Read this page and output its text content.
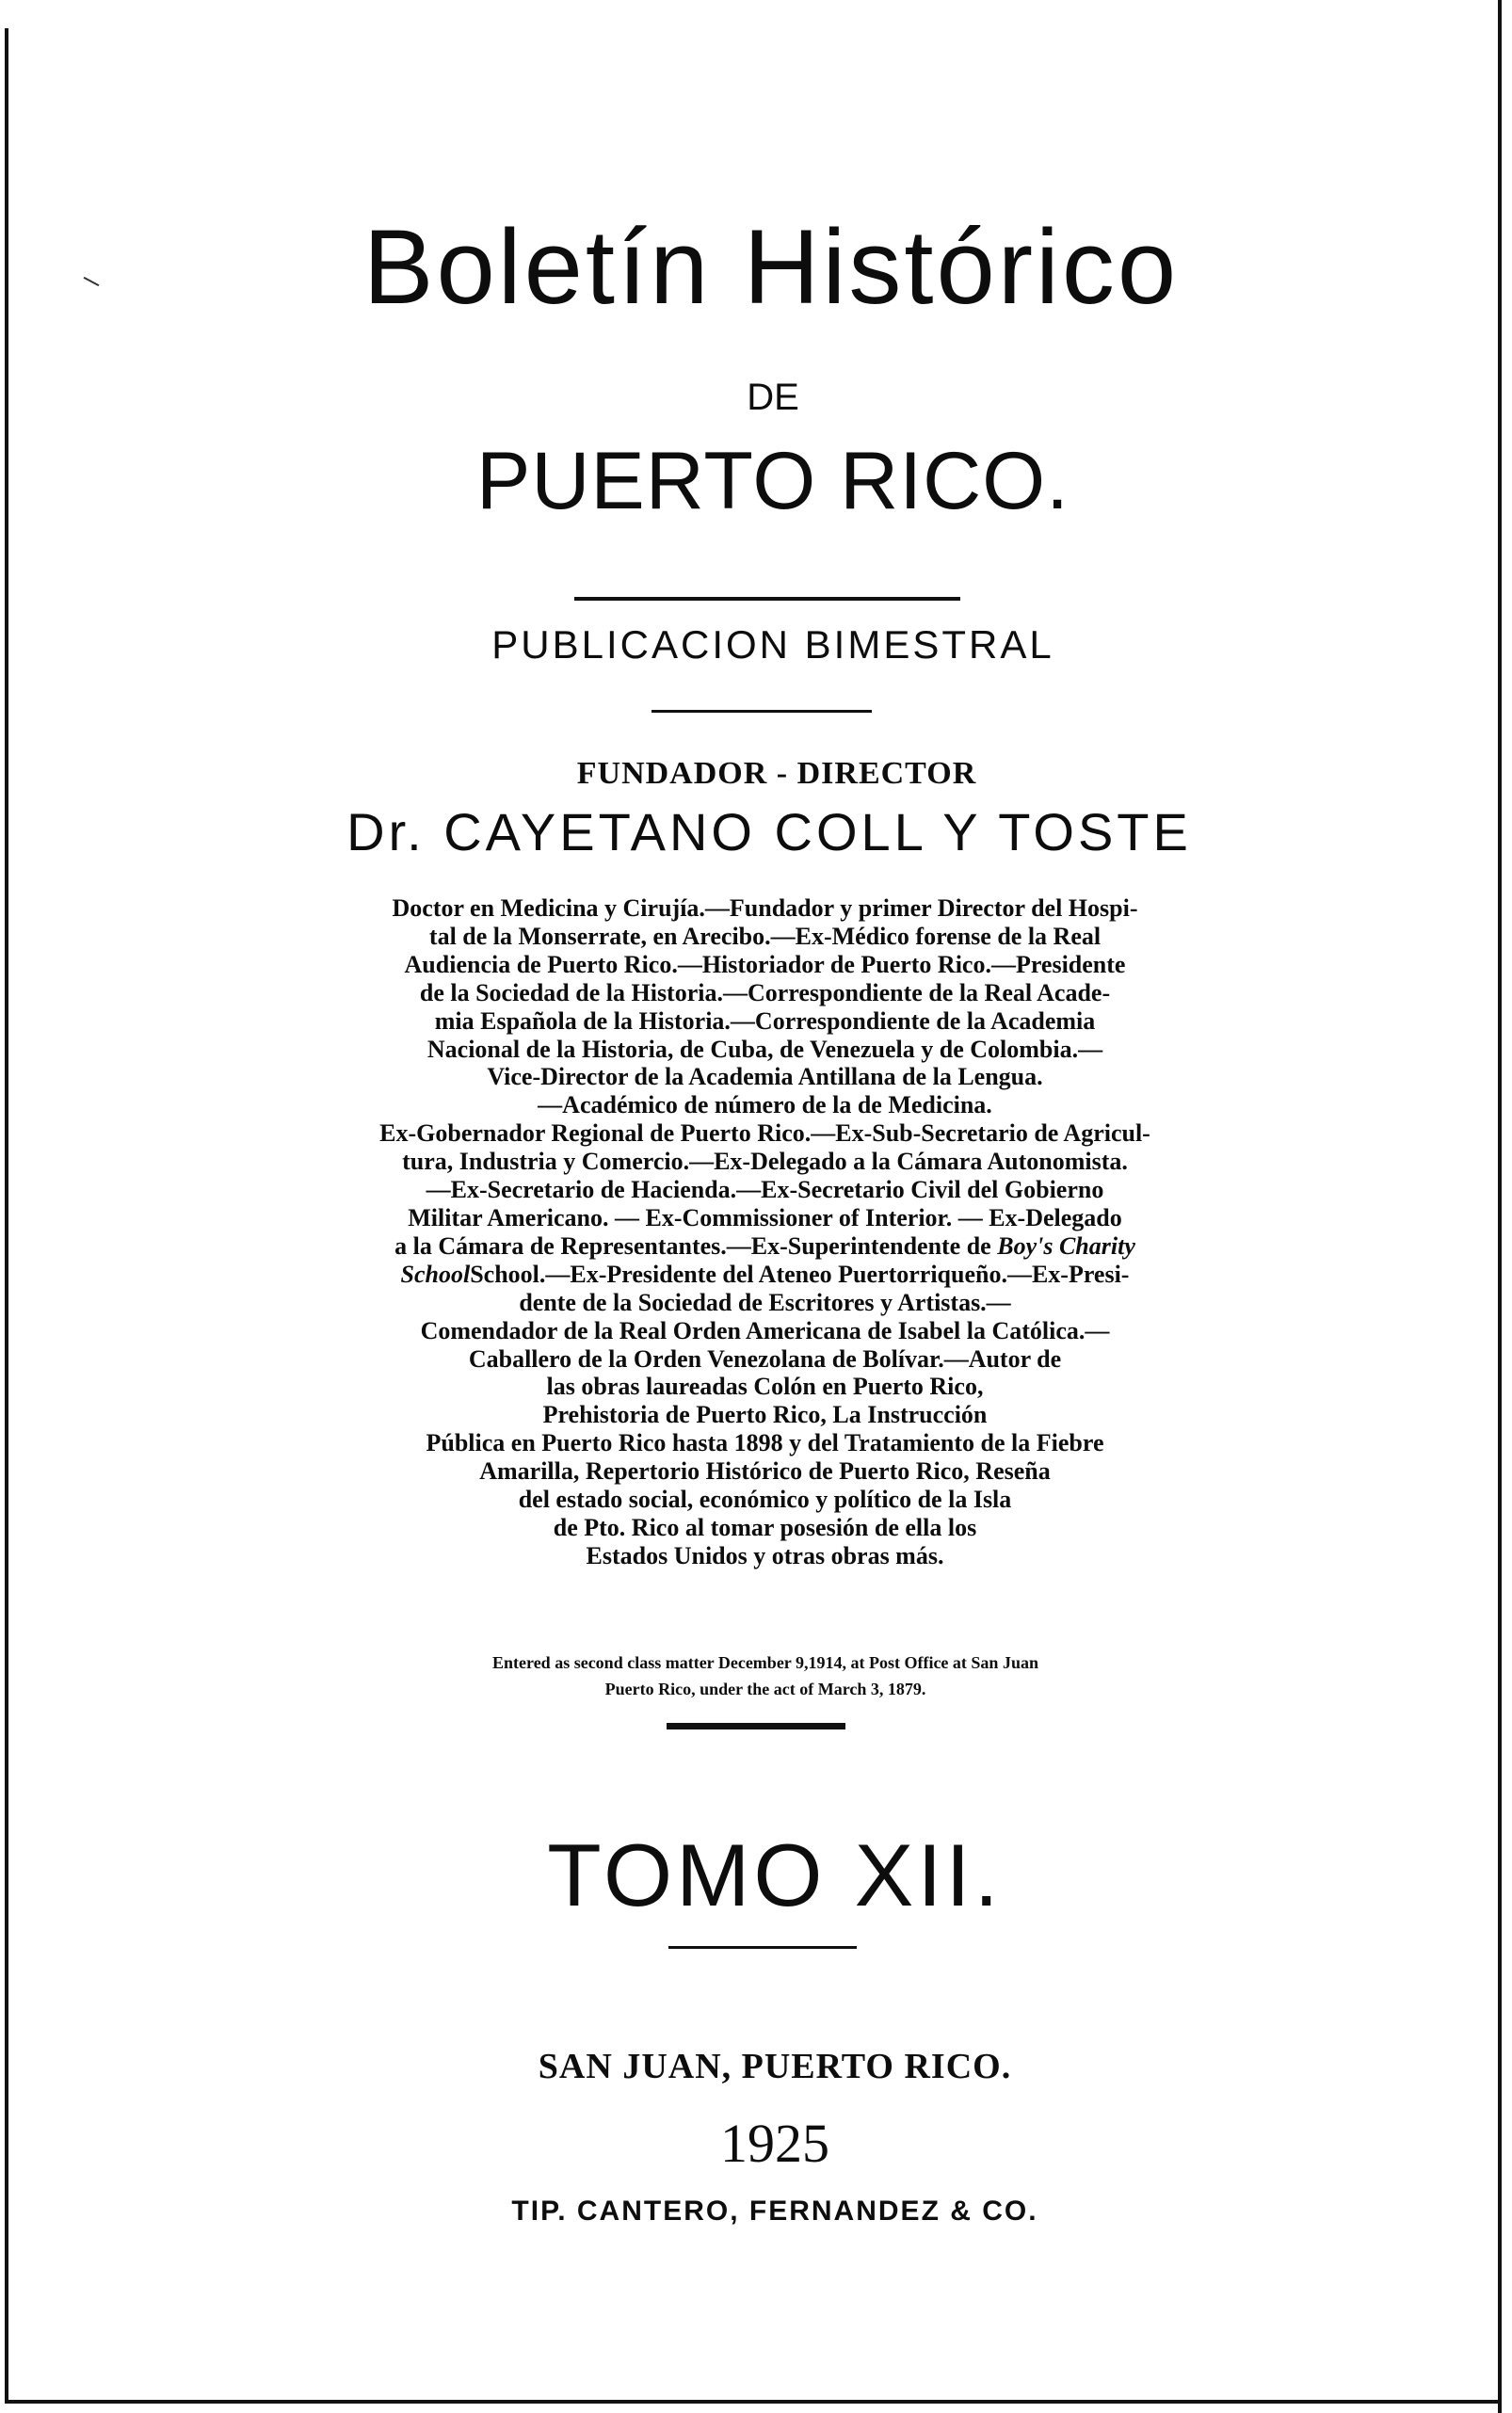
Boletín Histórico
DE
PUERTO RICO.
PUBLICACION BIMESTRAL
FUNDADOR - DIRECTOR
Dr. CAYETANO COLL Y TOSTE
Doctor en Medicina y Cirujía.—Fundador y primer Director del Hospi-
tal de la Monserrate, en Arecibo.—Ex-Médico forense de la Real
Audiencia de Puerto Rico.—Historiador de Puerto Rico.—Presidente
de la Sociedad de la Historia.—Correspondiente de la Real Acade-
mia Española de la Historia.—Correspondiente de la Academia
Nacional de la Historia, de Cuba, de Venezuela y de Colombia.—
Vice-Director de la Academia Antillana de la Lengua.
—Académico de número de la de Medicina.
Ex-Gobernador Regional de Puerto Rico.—Ex-Sub-Secretario de Agricul-
tura, Industria y Comercio.—Ex-Delegado a la Cámara Autonomista.
—Ex-Secretario de Hacienda.—Ex-Secretario Civil del Gobierno
Militar Americano. — Ex-Commissioner of Interior. — Ex-Delegado
a la Cámara de Representantes.—Ex-Superintendente de Boy's Charity
SchoolSchool.—Ex-Presidente del Ateneo Puertorriqueño.—Ex-Presi-
dente de la Sociedad de Escritores y Artistas.—
Comendador de la Real Orden Americana de Isabel la Católica.—
Caballero de la Orden Venezolana de Bolívar.—Autor de
las obras laureadas Colón en Puerto Rico,
Prehistoria de Puerto Rico, La Instrucción
Pública en Puerto Rico hasta 1898 y del Tratamiento de la Fiebre
Amarilla, Repertorio Histórico de Puerto Rico, Reseña
del estado social, económico y político de la Isla
de Pto. Rico al tomar posesión de ella los
Estados Unidos y otras obras más.
Entered as second class matter December 9,1914, at Post Office at San Juan
Puerto Rico, under the act of March 3, 1879.
TOMO XII.
SAN JUAN, PUERTO RICO.
1925
TIP. CANTERO, FERNANDEZ & CO.
